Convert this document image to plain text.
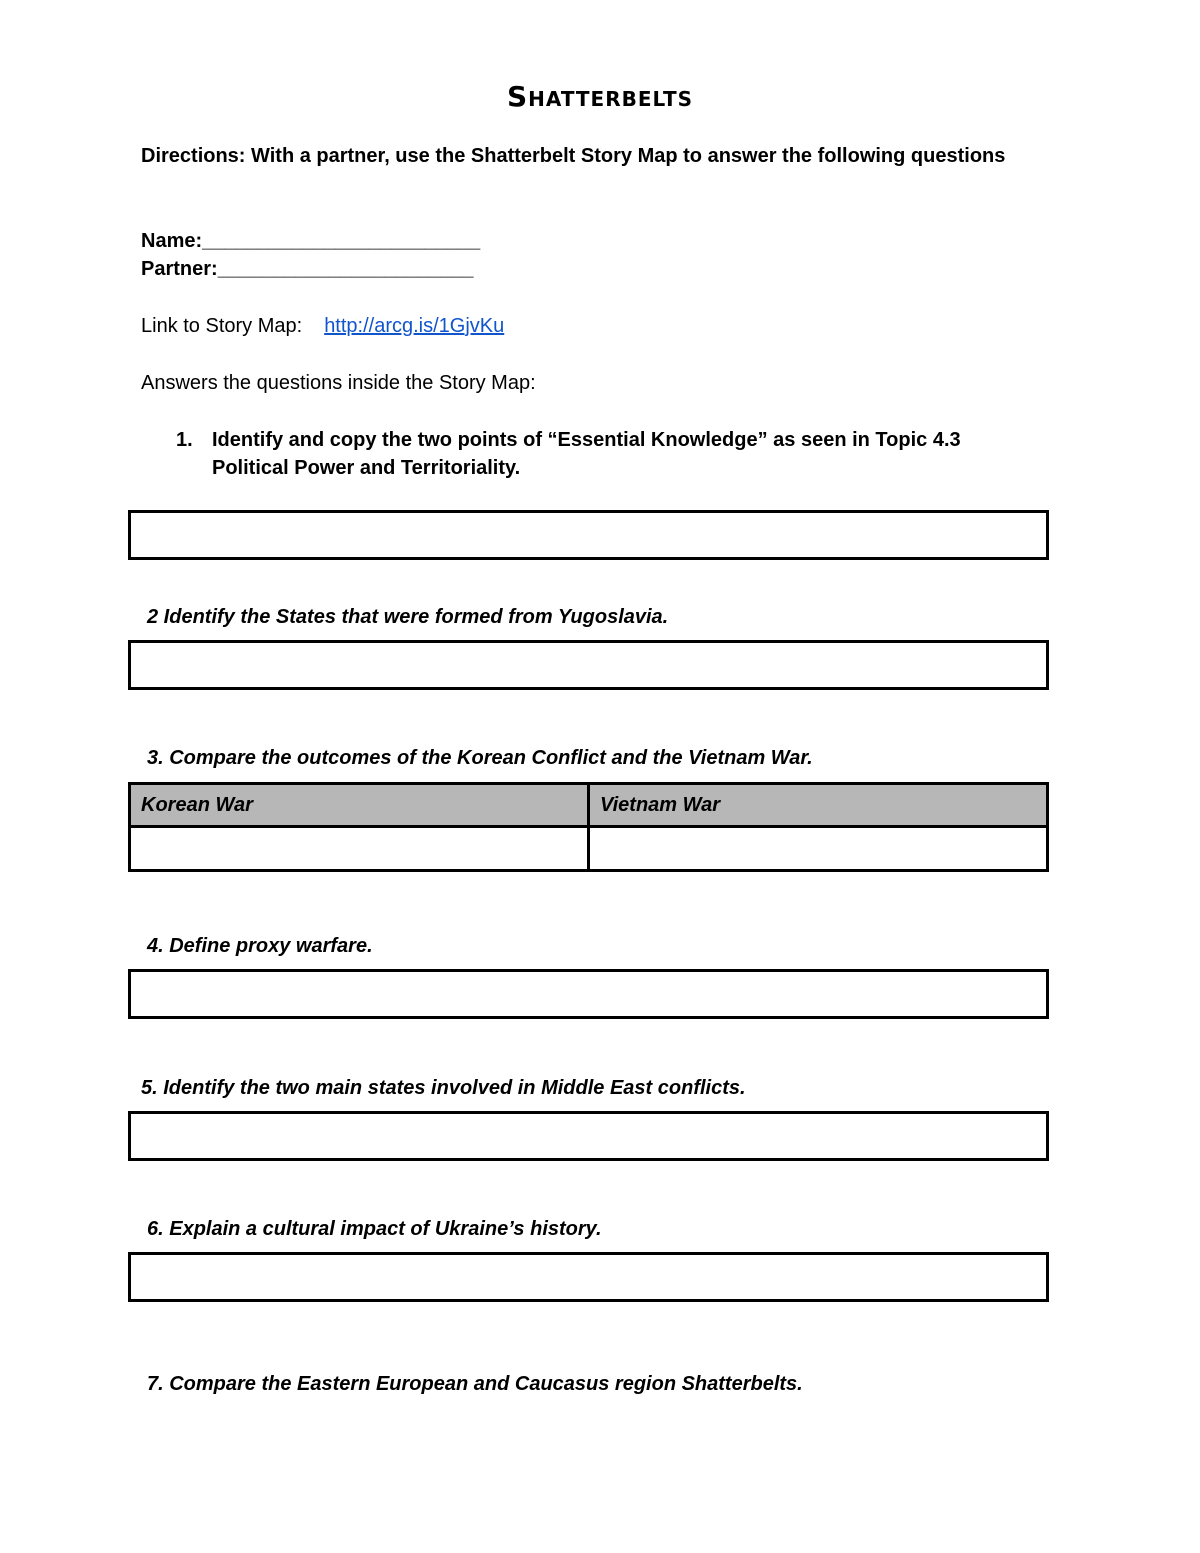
Shatterbelts
Directions: With a partner, use the Shatterbelt Story Map to answer the following questions
Name:_________________________
Partner:_______________________
Link to Story Map: http://arcg.is/1GjvKu
Answers the questions inside the Story Map:
1. Identify and copy the two points of “Essential Knowledge” as seen in Topic 4.3 Political Power and Territoriality.
2 Identify the States that were formed from Yugoslavia.
3. Compare the outcomes of the Korean Conflict and the Vietnam War.
Korean War	Vietnam War

4. Define proxy warfare.
5. Identify the two main states involved in Middle East conflicts.
6. Explain a cultural impact of Ukraine’s history.
7. Compare the Eastern European and Caucasus region Shatterbelts.
